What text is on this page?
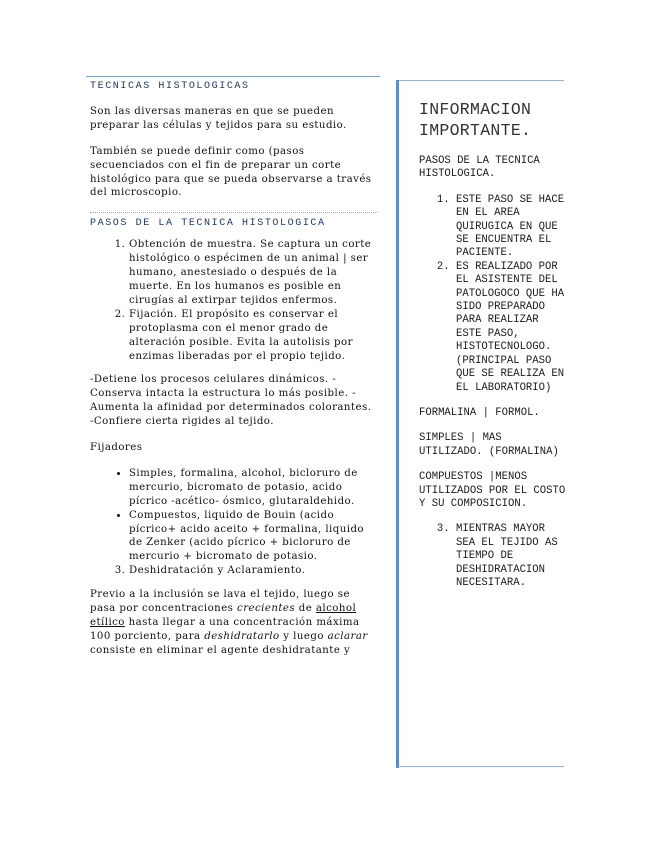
TECNICAS HISTOLOGICAS

Son las diversas maneras en que se pueden preparar las células y tejidos para su estudio.

También se puede definir como (pasos secuenciados con el fin de preparar un corte histológico para que se pueda observarse a través del microscopio.

PASOS DE LA TECNICA HISTOLOGICA
1. Obtención de muestra. Se captura un corte histológico o espécimen de un animal | ser humano, anestesiado o después de la muerte. En los humanos es posible en cirugías al extirpar tejidos enfermos.
2. Fijación. El propósito es conservar el protoplasma con el menor grado de alteración posible. Evita la autolisis por enzimas liberadas por el propio tejido.

-Detiene los procesos celulares dinámicos. -Conserva intacta la estructura lo más posible. -Aumenta la afinidad por determinados colorantes. -Confiere cierta rigides al tejido.

Fijadores

• Simples, formalina, alcohol, bicloruro de mercurio, bicromato de potasio, acido pícrico -acético- ósmico, glutaraldehido.
• Compuestos, liquido de Bouin (acido pícrico+ acido aceito + formalina, liquido de Zenker (acido pícrico + bicloruro de mercurio + bicromato de potasio.
3. Deshidratación y Aclaramiento.

Previo a la inclusión se lava el tejido, luego se pasa por concentraciones crecientes de alcohol etílico hasta llegar a una concentración máxima 100 porciento, para deshidratarlo y luego aclarar consiste en eliminar el agente deshidratante y

INFORMACION IMPORTANTE.

PASOS DE LA TECNICA HISTOLOGICA.

1. ESTE PASO SE HACE EN EL AREA QUIRUGICA EN QUE SE ENCUENTRA EL PACIENTE.
2. ES REALIZADO POR EL ASISTENTE DEL PATOLOGOCO QUE HA SIDO PREPARADO PARA REALIZAR ESTE PASO, HISTOTECNOLOGO. (PRINCIPAL PASO QUE SE REALIZA EN EL LABORATORIO)

FORMALINA | FORMOL.

SIMPLES | MAS UTILIZADO. (FORMALINA)

COMPUESTOS |MENOS UTILIZADOS POR EL COSTO Y SU COMPOSICION.

3. MIENTRAS MAYOR SEA EL TEJIDO AS TIEMPO DE DESHIDRATACION NECESITARA.
